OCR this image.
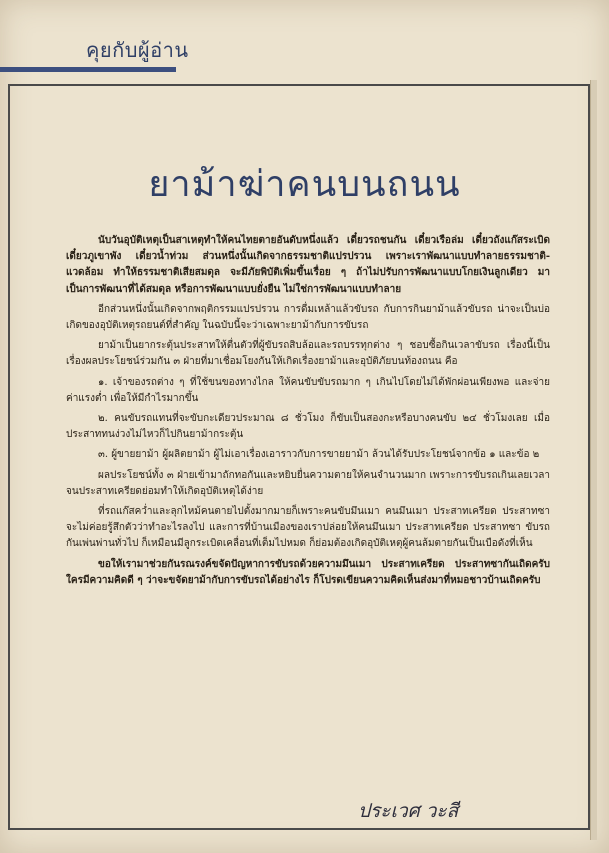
คุยกับผู้อ่าน
ยาม้าฆ่าคนบนถนน

นับวันอุบัติเหตุเป็นสาเหตุทำให้คนไทยตายอันดับหนึ่งแล้ว เดี๋ยวรถชนกัน เดี๋ยวเรือล่ม เดี๋ยวถังแก๊สระเบิด เดี๋ยวภูเขาพัง เดี๋ยวน้ำท่วม ส่วนหนึ่งนั้นเกิดจากธรรมชาติแปรปรวน เพราะเราพัฒนาแบบทำลายธรรมชาติ-แวดล้อม ทำให้ธรรมชาติเสียสมดุล จะมีภัยพิบัติเพิ่มขึ้นเรื่อย ๆ ถ้าไม่ปรับการพัฒนาแบบโกยเงินลูกเดียว มาเป็นการพัฒนาที่ได้สมดุล หรือการพัฒนาแบบยั่งยืน ไม่ใช่การพัฒนาแบบทำลาย

อีกส่วนหนึ่งนั้นเกิดจากพฤติกรรมแปรปรวน การดื่มเหล้าแล้วขับรถ กับการกินยาม้าแล้วขับรถ น่าจะเป็นบ่อเกิดของอุบัติเหตุรถยนต์ที่สำคัญ ในฉบับนี้จะว่าเฉพาะยาม้ากับการขับรถ

ยาม้าเป็นยากระตุ้นประสาทให้ตื่นตัวที่ผู้ขับรถสิบล้อและรถบรรทุกต่าง ๆ ชอบซื้อกินเวลาขับรถ เรื่องนี้เป็นเรื่องผลประโยชน์ร่วมกัน ๓ ฝ่ายที่มาเชื่อมโยงกันให้เกิดเรื่องยาม้าและอุบัติภัยบนท้องถนน คือ

๑. เจ้าของรถต่าง ๆ ที่ใช้ขนของทางไกล ให้คนขับขับรถมาก ๆ เกินไปโดยไม่ได้พักผ่อนเพียงพอ และจ่ายค่าแรงต่ำ เพื่อให้มีกำไรมากขึ้น

๒. คนขับรถแทนที่จะขับกะเดียวประมาณ ๘ ชั่วโมง ก็ขับเป็นสองกะหรือบางคนขับ ๒๔ ชั่วโมงเลย เมื่อประสาททนง่วงไม่ไหวก็ไปกินยาม้ากระตุ้น

๓. ผู้ขายยาม้า ผู้ผลิตยาม้า ผู้ไม่เอาเรื่องเอาราวกับการขายยาม้า ล้วนได้รับประโยชน์จากข้อ ๑ และข้อ ๒

ผลประโยชน์ทั้ง ๓ ฝ่ายเข้ามาถักทอกันและหยิบยื่นความตายให้คนจำนวนมาก เพราะการขับรถเกินเลยเวลาจนประสาทเครียดย่อมทำให้เกิดอุบัติเหตุได้ง่าย

ที่รถแก๊สคว่ำและลุกไหม้คนตายไปตั้งมากมายก็เพราะคนขับมึนเมา คนมึนเมา ประสาทเครียด ประสาทซาจะไม่ค่อยรู้สึกตัวว่าทำอะไรลงไป และการที่บ้านเมืองของเราปล่อยให้คนมึนเมา ประสาทเครียด ประสาทซา ขับรถกันเพ่นพ่านทั่วไป ก็เหมือนมีลูกระเบิดเคลื่อนที่เต็มไปหมด ก็ย่อมต้องเกิดอุบัติเหตุผู้คนล้มตายกันเป็นเบือดังที่เห็น

ขอให้เรามาช่วยกันรณรงค์ขจัดปัญหาการขับรถด้วยความมึนเมา ประสาทเครียด ประสาทซากันเถิดครับ ใครมีความคิดดี ๆ ว่าจะขจัดยาม้ากับการขับรถได้อย่างไร ก็โปรดเขียนความคิดเห็นส่งมาที่หมอชาวบ้านเถิดครับ

ประเวศ วะสี
